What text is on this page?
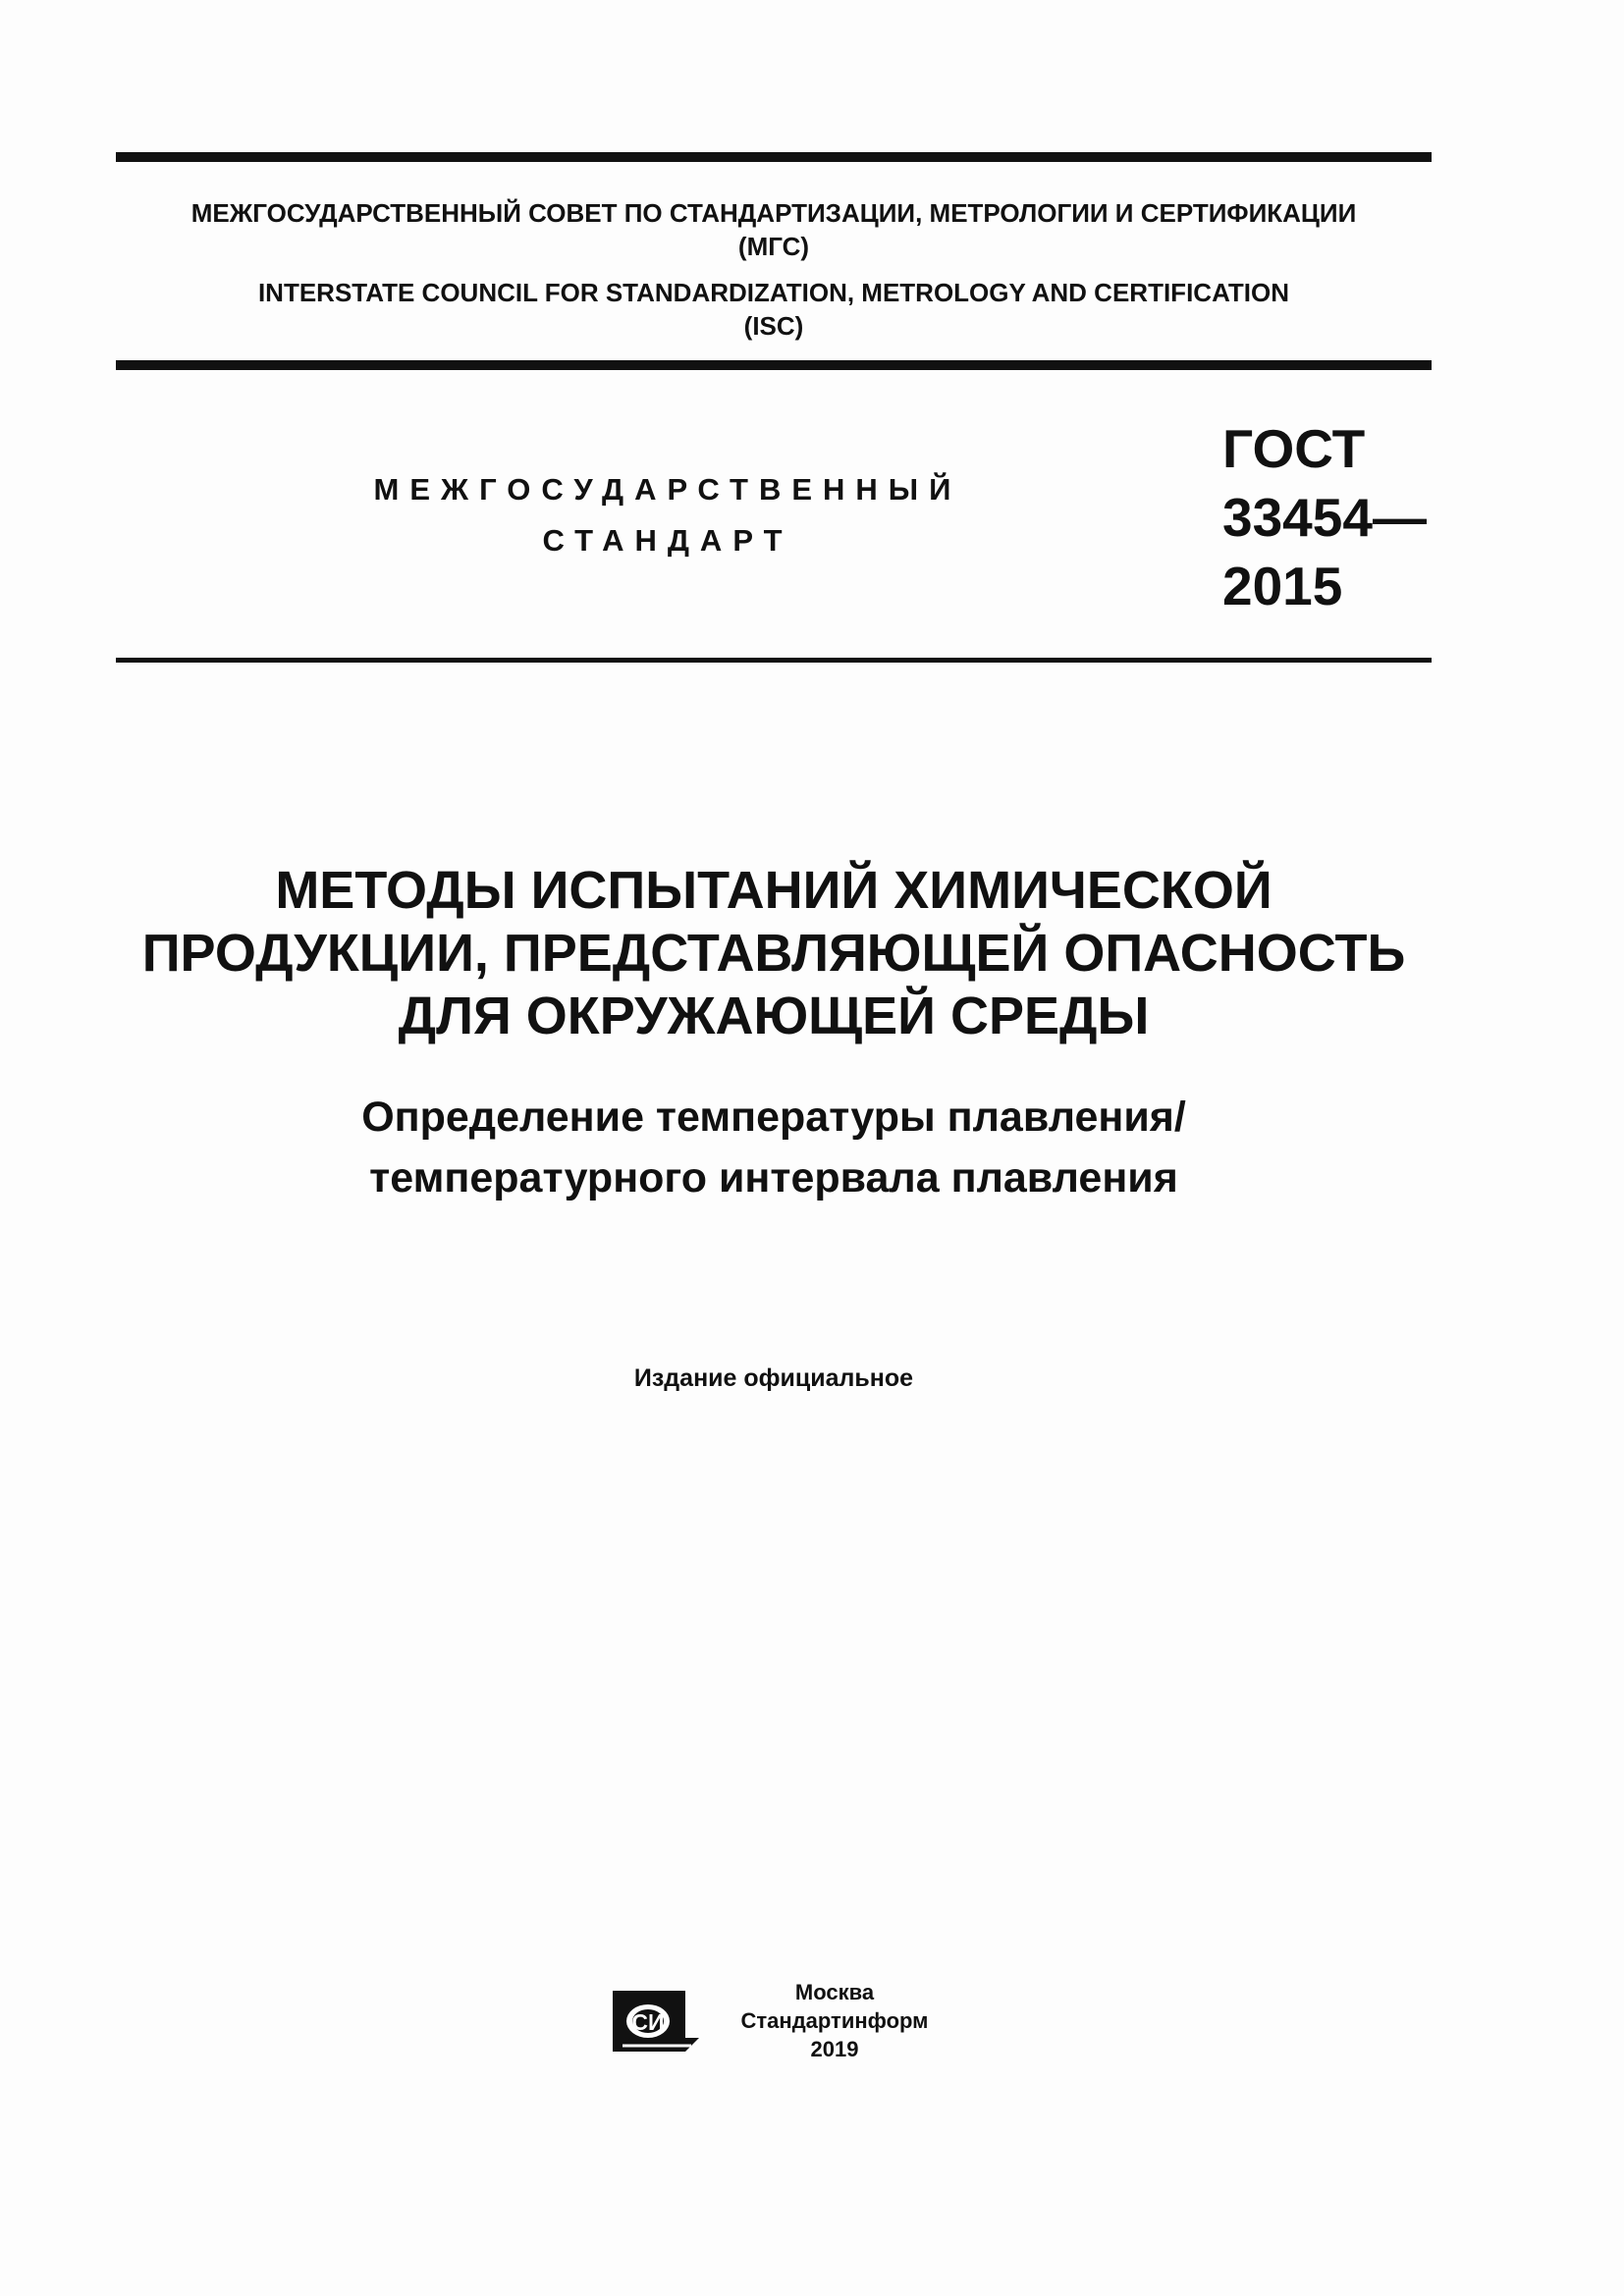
МЕЖГОСУДАРСТВЕННЫЙ СОВЕТ ПО СТАНДАРТИЗАЦИИ, МЕТРОЛОГИИ И СЕРТИФИКАЦИИ
(МГС)
INTERSTATE COUNCIL FOR STANDARDIZATION, METROLOGY AND CERTIFICATION
(ISC)
МЕЖГОСУДАРСТВЕННЫЙ
СТАНДАРТ
ГОСТ
33454—
2015
МЕТОДЫ ИСПЫТАНИЙ ХИМИЧЕСКОЙ
ПРОДУКЦИИ, ПРЕДСТАВЛЯЮЩЕЙ ОПАСНОСТЬ
ДЛЯ ОКРУЖАЮЩЕЙ СРЕДЫ
Определение температуры плавления/
температурного интервала плавления
Издание официальное
СИ
Москва
Стандартинформ
2019
